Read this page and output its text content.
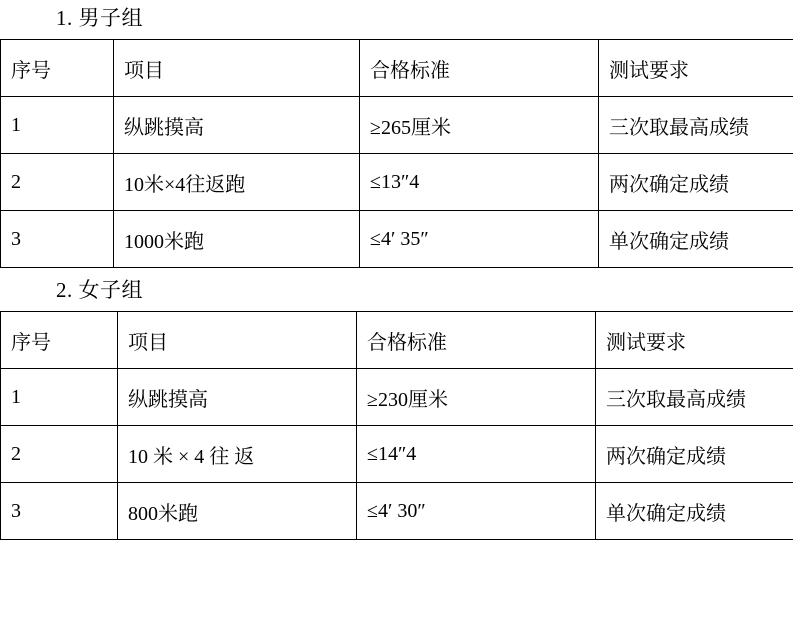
1. 男子组
序号	项目	合格标准	测试要求
1	纵跳摸高	≥265厘米	三次取最高成绩
2	10米×4往返跑	≤13″4	两次确定成绩
3	1000米跑	≤4′ 35″	单次确定成绩
2. 女子组
序号	项目	合格标准	测试要求
1	纵跳摸高	≥230厘米	三次取最高成绩
2	10 米 × 4 往 返	≤14″4	两次确定成绩
3	800米跑	≤4′ 30″	单次确定成绩
